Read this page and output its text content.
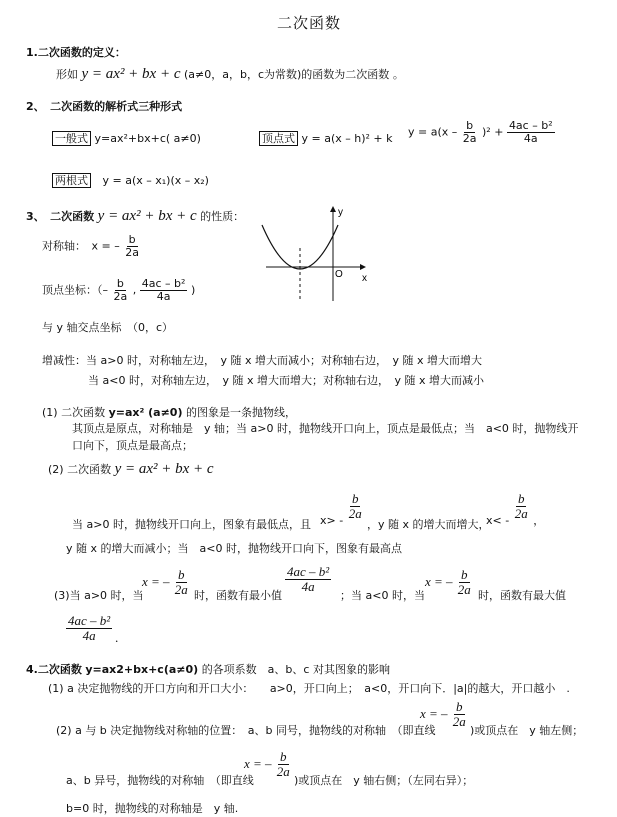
二次函数
1.二次函数的定义：
形如 y = ax² + bx + c (a≠0，a，b，c为常数)的函数为二次函数 。
2、　二次函数的解析式三种形式
一般式 y=ax²+bx+c( a≠0)	顶点式 y = a(x – h)² + k $y = a(x - \frac{b}{2a} )^2 + \frac{\text{4ac – b²}}{4a}$
两根式 y = a(x – x₁)(x – x₂)
3、　二次函数 y = ax² + bx + c 的性质：
对称轴：　x = – $\frac{b}{2a}$
顶点坐标：（– $\frac{b}{2a}$ , $\frac{\text{4ac – b²}}{4a}$ )
与 y 轴交点坐标　（0，c）
增减性：当 a>0 时，对称轴左边，　y 随 x 增大而减小；对称轴右边，　y 随 x 增大而增大
当 a<0 时，对称轴左边，　y 随 x 增大而增大；对称轴右边，　y 随 x 增大而减小
y
x
O
(1) 二次函数 y=ax² (a≠0) 的图象是一条抛物线，
其顶点是原点，对称轴是　y 轴；当 a>0 时，抛物线开口向上，顶点是最低点；当　a<0 时，抛物线开
口向下，顶点是最高点；
(2) 二次函数 y = ax² + bx + c
当 a>0 时，抛物线开口向上，图象有最低点，且 $x> - \frac{b}{2a}$
，y 随 x 的增大而增大，
$x< - \frac{b}{2a}$ ，
y 随 x 的增大而减小；当　a<0 时，抛物线开口向下，图象有最高点
(3)当 a>0 时，当
x = – $\frac{b}{2a}$ 时，函数有最小值
$\frac{\text{4ac – b²}}{4a}$
；当 a<0 时，当
x = – $\frac{b}{2a}$ 时，函数有最大值
$\frac{\text{4ac – b²}}{4a}$ .
4.二次函数 y=ax2+bx+c(a≠0) 的各项系数　a、b、c 对其图象的影响
(1) a 决定抛物线的开口方向和开口大小：　　a>0，开口向上；　a<0，开口向下．|a|的越大，开口越小　.
(2) a 与 b 决定抛物线对称轴的位置：　a、b 同号，抛物线的对称轴　（即直线
x = – $\frac{b}{2a}$
)或顶点在　y 轴左侧；
a、b 异号，抛物线的对称轴　（即直线
x = – $\frac{b}{2a}$
)或顶点在　y 轴右侧；（左同右异）；
b=0 时，抛物线的对称轴是　y 轴.
